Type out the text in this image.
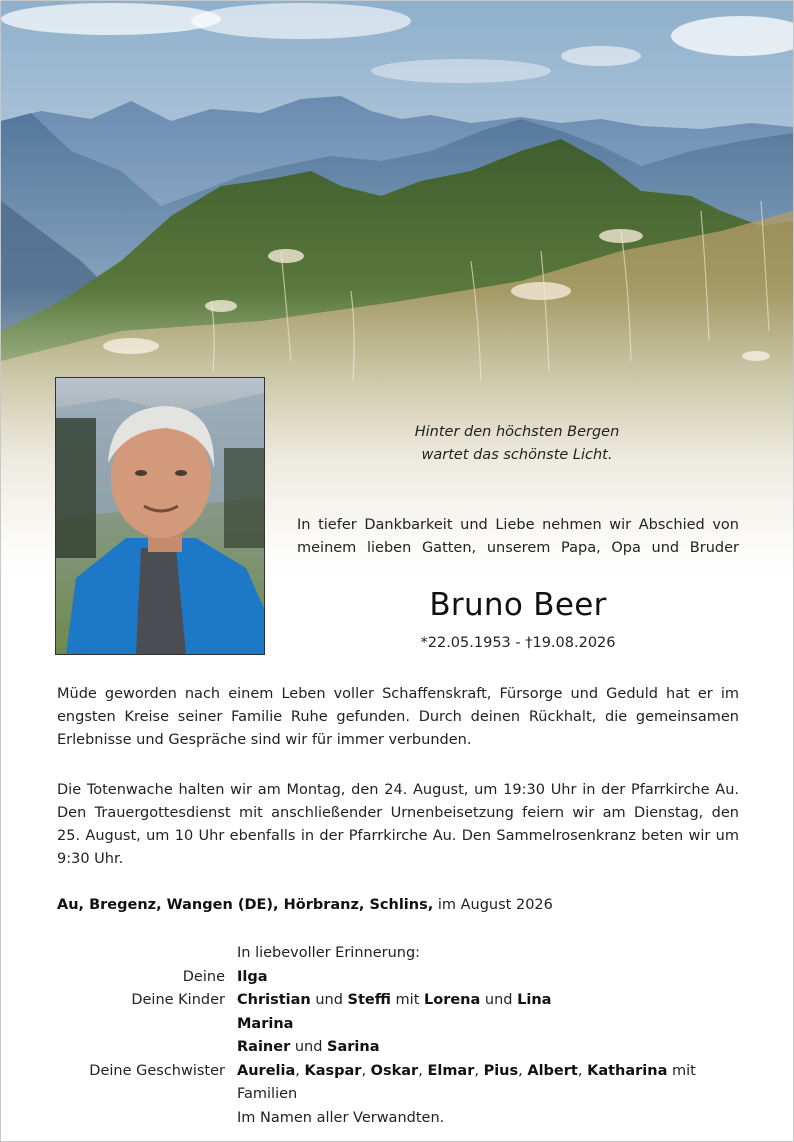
Hinter den höchsten Bergen
wartet das schönste Licht.
In tiefer Dankbarkeit und Liebe nehmen wir Abschied von
meinem lieben Gatten, unserem Papa, Opa und Bruder
Bruno Beer
*22.05.1953 - †19.08.2026
Müde geworden nach einem Leben voller Schaffenskraft, Fürsorge und Geduld hat er im
engsten Kreise seiner Familie Ruhe gefunden. Durch deinen Rückhalt, die gemeinsamen
Erlebnisse und Gespräche sind wir für immer verbunden.
Die Totenwache halten wir am Montag, den 24. August, um 19:30 Uhr in der Pfarrkirche Au.
Den Trauergottesdienst mit anschließender Urnenbeisetzung feiern wir am Dienstag, den
25. August, um 10 Uhr ebenfalls in der Pfarrkirche Au. Den Sammelrosenkranz beten wir um
9:30 Uhr.
Au, Bregenz, Wangen (DE), Hörbranz, Schlins, im August 2026
In liebevoller Erinnerung:
Deine Ilga
Deine Kinder Christian und Steffi mit Lorena und Lina
Marina
Rainer und Sarina
Deine Geschwister Aurelia, Kaspar, Oskar, Elmar, Pius, Albert, Katharina mit Familien
Im Namen aller Verwandten.
